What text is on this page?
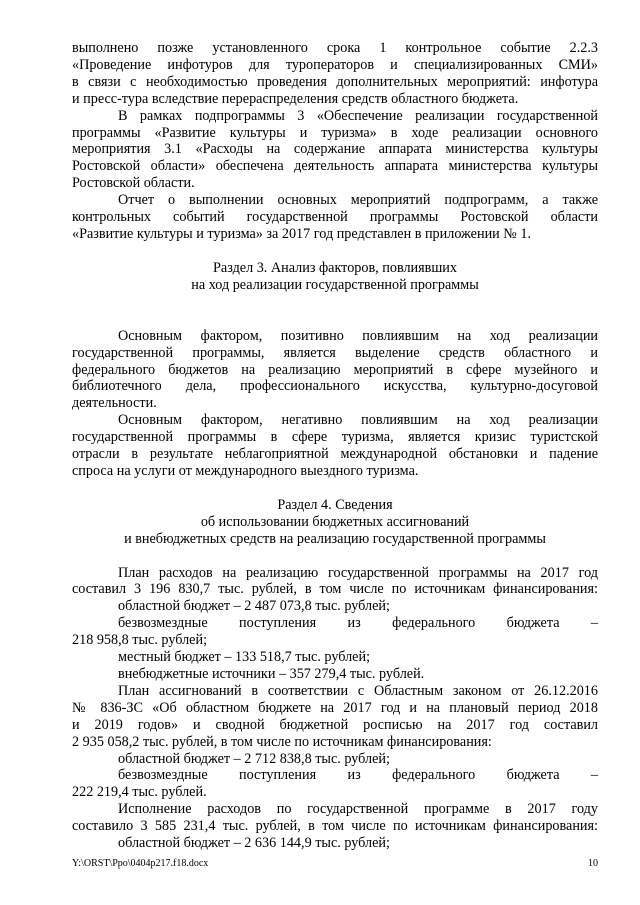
выполнено позже установленного срока 1 контрольное событие 2.2.3
«Проведение инфотуров для туроператоров и специализированных СМИ»
в связи с необходимостью проведения дополнительных мероприятий: инфотура
и пресс-тура вследствие перераспределения средств областного бюджета.
В рамках подпрограммы 3 «Обеспечение реализации государственной
программы «Развитие культуры и туризма» в ходе реализации основного
мероприятия 3.1 «Расходы на содержание аппарата министерства культуры
Ростовской области» обеспечена деятельность аппарата министерства культуры
Ростовской области.
Отчет о выполнении основных мероприятий подпрограмм, а также
контрольных событий государственной программы Ростовской области
«Развитие культуры и туризма» за 2017 год представлен в приложении № 1.
Раздел 3. Анализ факторов, повлиявших
на ход реализации государственной программы
Основным фактором, позитивно повлиявшим на ход реализации
государственной программы, является выделение средств областного и
федерального бюджетов на реализацию мероприятий в сфере музейного и
библиотечного дела, профессионального искусства, культурно-досуговой
деятельности.
Основным фактором, негативно повлиявшим на ход реализации
государственной программы в сфере туризма, является кризис туристской
отрасли в результате неблагоприятной международной обстановки и падение
спроса на услуги от международного выездного туризма.
Раздел 4. Сведения
об использовании бюджетных ассигнований
и внебюджетных средств на реализацию государственной программы
План расходов на реализацию государственной программы на 2017 год
составил 3 196 830,7 тыс. рублей, в том числе по источникам финансирования:
областной бюджет – 2 487 073,8 тыс. рублей;
безвозмездные поступления из федерального бюджета –
218 958,8 тыс. рублей;
местный бюджет – 133 518,7 тыс. рублей;
внебюджетные источники – 357 279,4 тыс. рублей.
План ассигнований в соответствии с Областным законом от 26.12.2016
№ 836-ЗС «Об областном бюджете на 2017 год и на плановый период 2018
и 2019 годов» и сводной бюджетной росписью на 2017 год составил
2 935 058,2 тыс. рублей, в том числе по источникам финансирования:
областной бюджет – 2 712 838,8 тыс. рублей;
безвозмездные поступления из федерального бюджета –
222 219,4 тыс. рублей.
Исполнение расходов по государственной программе в 2017 году
составило 3 585 231,4 тыс. рублей, в том числе по источникам финансирования:
областной бюджет – 2 636 144,9 тыс. рублей;
Y:\ORST\Ppo\0404p217.f18.docx	10
